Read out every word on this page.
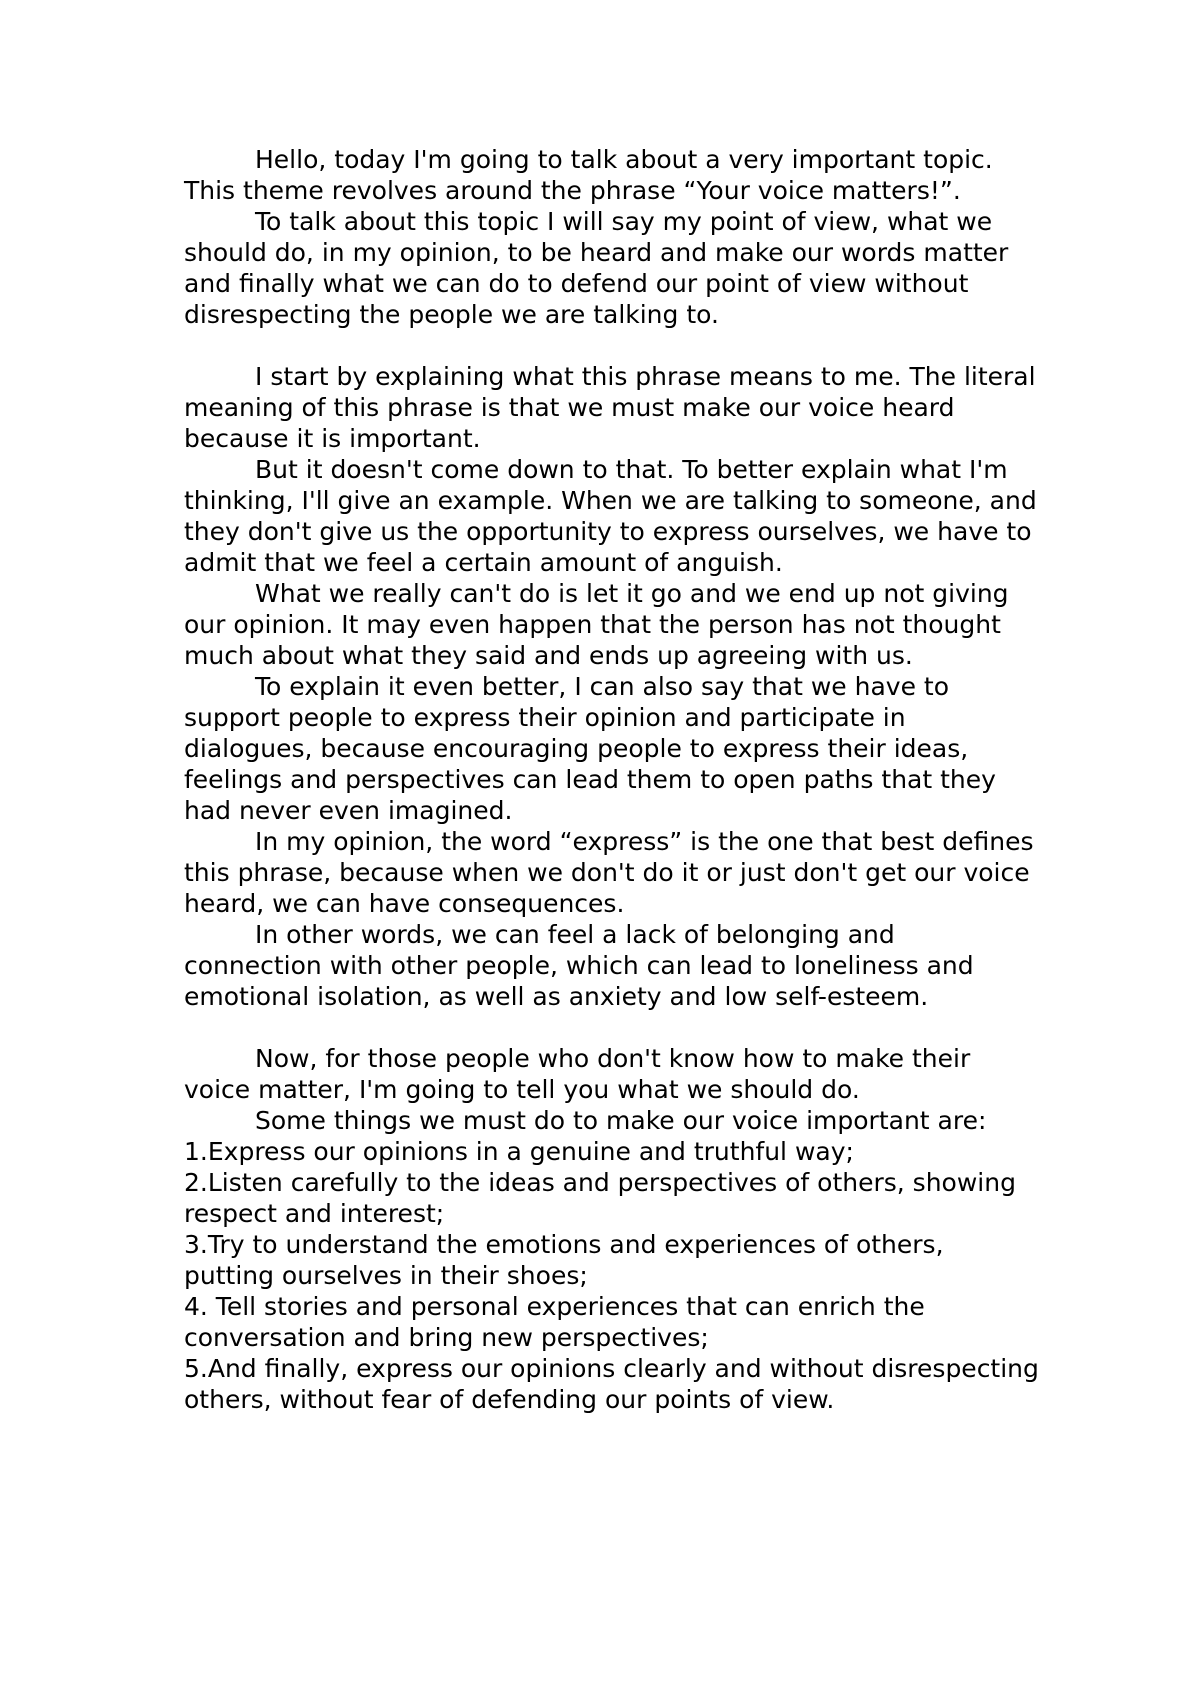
Hello, today I'm going to talk about a very important topic. This theme revolves around the phrase “Your voice matters!”.

To talk about this topic I will say my point of view, what we should do, in my opinion, to be heard and make our words matter and finally what we can do to defend our point of view without disrespecting the people we are talking to.

I start by explaining what this phrase means to me. The literal meaning of this phrase is that we must make our voice heard because it is important.

But it doesn't come down to that. To better explain what I'm thinking, I'll give an example. When we are talking to someone, and they don't give us the opportunity to express ourselves, we have to admit that we feel a certain amount of anguish.

What we really can't do is let it go and we end up not giving our opinion. It may even happen that the person has not thought much about what they said and ends up agreeing with us.

To explain it even better, I can also say that we have to support people to express their opinion and participate in dialogues, because encouraging people to express their ideas, feelings and perspectives can lead them to open paths that they had never even imagined.

In my opinion, the word “express” is the one that best defines this phrase, because when we don't do it or just don't get our voice heard, we can have consequences.

In other words, we can feel a lack of belonging and connection with other people, which can lead to loneliness and emotional isolation, as well as anxiety and low self-esteem.

Now, for those people who don't know how to make their voice matter, I'm going to tell you what we should do.

Some things we must do to make our voice important are:

1.Express our opinions in a genuine and truthful way;

2.Listen carefully to the ideas and perspectives of others, showing respect and interest;

3.Try to understand the emotions and experiences of others, putting ourselves in their shoes;

4. Tell stories and personal experiences that can enrich the conversation and bring new perspectives;

5.And finally, express our opinions clearly and without disrespecting others, without fear of defending our points of view.
